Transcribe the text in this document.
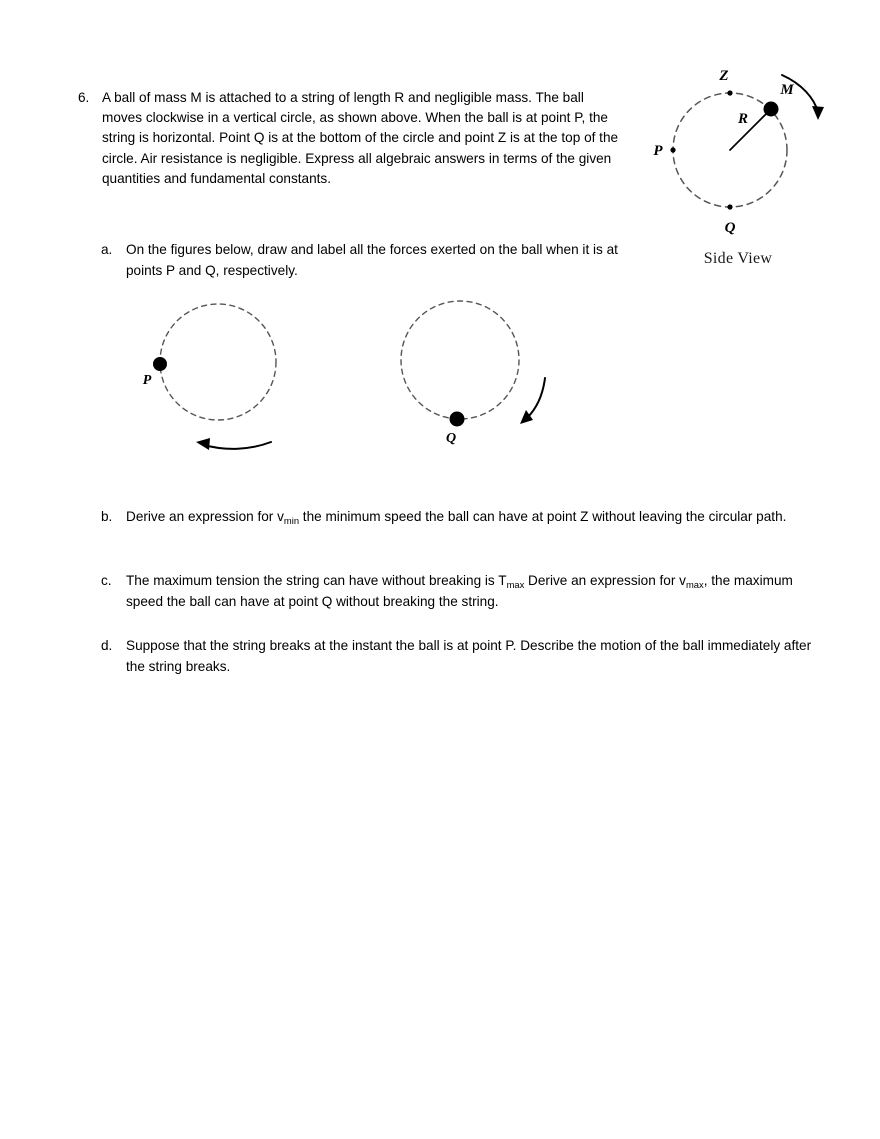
6. A ball of mass M is attached to a string of length R and negligible mass. The ball moves clockwise in a vertical circle, as shown above. When the ball is at point P, the string is horizontal. Point Q is at the bottom of the circle and point Z is at the top of the circle. Air resistance is negligible. Express all algebraic answers in terms of the given quantities and fundamental constants.
Z
Q
P
M
R
Side View
a.	On the figures below, draw and label all the forces exerted on the ball when it is at points P and Q, respectively.
P
Q
b.	Derive an expression for $v_{min}$ the minimum speed the ball can have at point Z without leaving the circular path.
c.	The maximum tension the string can have without breaking is $T_{max}$ Derive an expression for $v_{max}$, the maximum speed the ball can have at point Q without breaking the string.
d.	Suppose that the string breaks at the instant the ball is at point P. Describe the motion of the ball immediately after the string breaks.
